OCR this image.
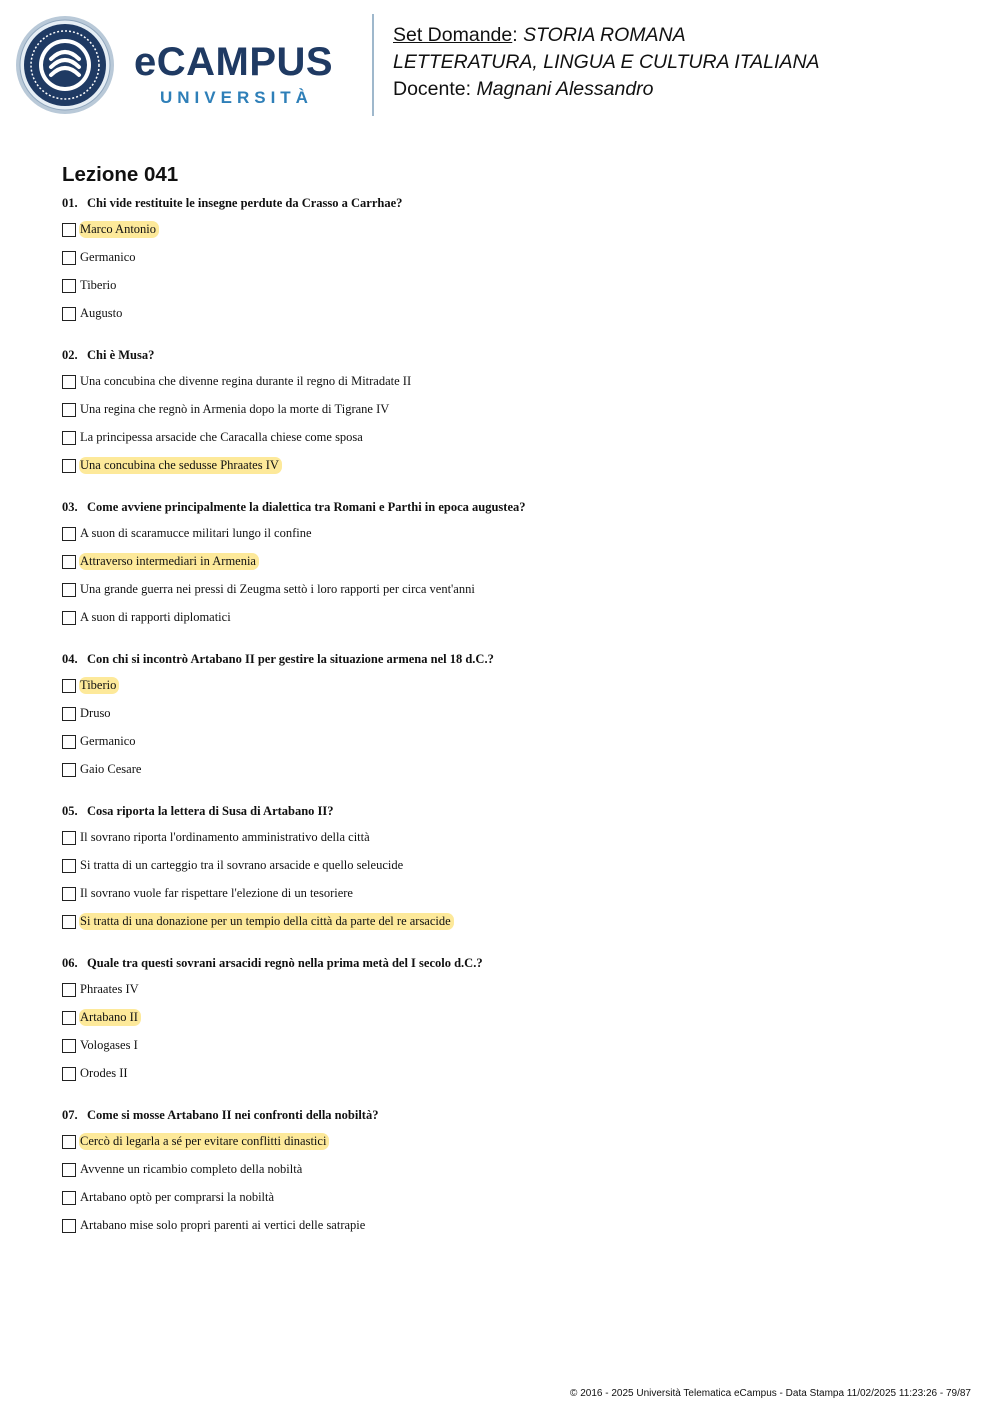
eCAMPUS
UNIVERSITÀ
Set Domande: STORIA ROMANA
LETTERATURA, LINGUA E CULTURA ITALIANA
Docente: Magnani Alessandro
Lezione 041
01. Chi vide restituite le insegne perdute da Crasso a Carrhae?
Marco Antonio
Germanico
Tiberio
Augusto
02. Chi è Musa?
Una concubina che divenne regina durante il regno di Mitradate II
Una regina che regnò in Armenia dopo la morte di Tigrane IV
La principessa arsacide che Caracalla chiese come sposa
Una concubina che sedusse Phraates IV
03. Come avviene principalmente la dialettica tra Romani e Parthi in epoca augustea?
A suon di scaramucce militari lungo il confine
Attraverso intermediari in Armenia
Una grande guerra nei pressi di Zeugma settò i loro rapporti per circa vent'anni
A suon di rapporti diplomatici
04. Con chi si incontrò Artabano II per gestire la situazione armena nel 18 d.C.?
Tiberio
Druso
Germanico
Gaio Cesare
05. Cosa riporta la lettera di Susa di Artabano II?
Il sovrano riporta l'ordinamento amministrativo della città
Si tratta di un carteggio tra il sovrano arsacide e quello seleucide
Il sovrano vuole far rispettare l'elezione di un tesoriere
Si tratta di una donazione per un tempio della città da parte del re arsacide
06. Quale tra questi sovrani arsacidi regnò nella prima metà del I secolo d.C.?
Phraates IV
Artabano II
Vologases I
Orodes II
07. Come si mosse Artabano II nei confronti della nobiltà?
Cercò di legarla a sé per evitare conflitti dinastici
Avvenne un ricambio completo della nobiltà
Artabano optò per comprarsi la nobiltà
Artabano mise solo propri parenti ai vertici delle satrapie
© 2016 - 2025 Università Telematica eCampus - Data Stampa 11/02/2025 11:23:26 - 79/87
